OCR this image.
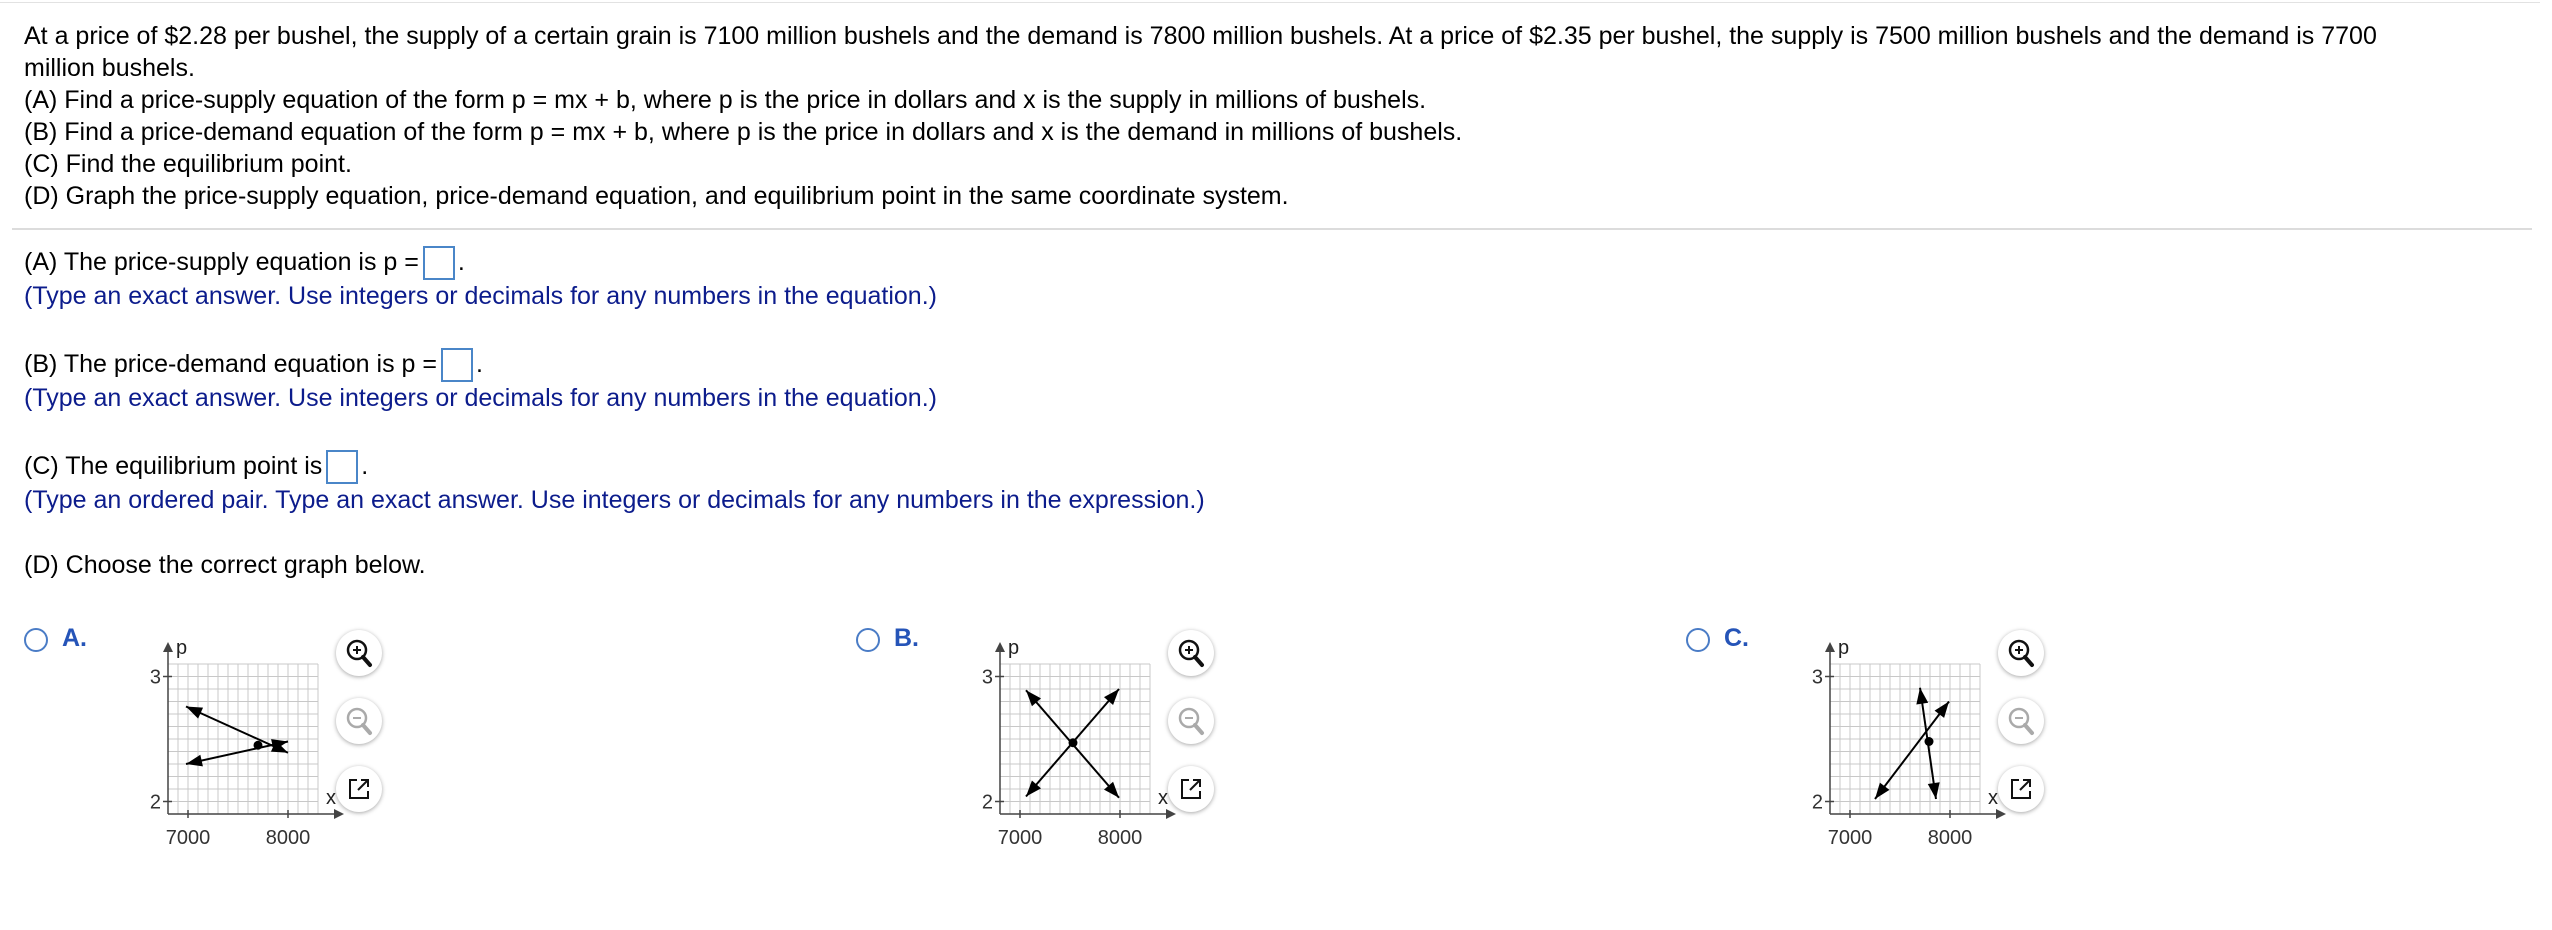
At a price of $2.28 per bushel, the supply of a certain grain is 7100 million bushels and the demand is 7800 million bushels. At a price of $2.35 per bushel, the supply is 7500 million bushels and the demand is 7700

million bushels.

(A) Find a price-supply equation of the form p = mx + b, where p is the price in dollars and x is the supply in millions of bushels.

(B) Find a price-demand equation of the form p = mx + b, where p is the price in dollars and x is the demand in millions of bushels.

(C) Find the equilibrium point.

(D) Graph the price-supply equation, price-demand equation, and equilibrium point in the same coordinate system.

(A) The price-supply equation is p = .
(Type an exact answer. Use integers or decimals for any numbers in the equation.)
(B) The price-demand equation is p = .
(Type an exact answer. Use integers or decimals for any numbers in the equation.)
(C) The equilibrium point is .
(Type an ordered pair. Type an exact answer. Use integers or decimals for any numbers in the expression.)
(D) Choose the correct graph below.
A.
x
p
7000	8000
3
2
B.
x
p
7000	8000
3
2
C.
x
p
7000	8000
3
2
